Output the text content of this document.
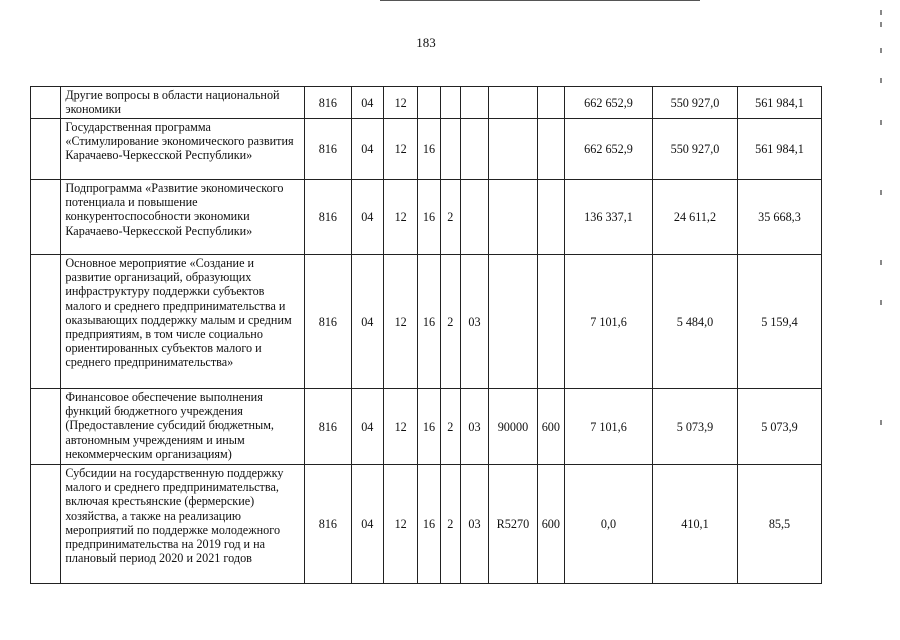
183
	Другие вопросы в области национальной экономики	816	04	12						662 652,9	550 927,0	561 984,1
	Государственная программа «Стимулирование экономического развития Карачаево-Черкесской Республики»	816	04	12	16					662 652,9	550 927,0	561 984,1
	Подпрограмма «Развитие экономического потенциала и повышение конкурентоспособности экономики Карачаево-Черкесской Республики»	816	04	12	16	2				136 337,1	24 611,2	35 668,3
	Основное мероприятие «Создание и развитие организаций, образующих инфраструктуру поддержки субъектов малого и среднего предпринимательства и оказывающих поддержку малым и средним предприятиям, в том числе социально ориентированных субъектов малого и среднего предпринимательства»	816	04	12	16	2	03			7 101,6	5 484,0	5 159,4
	Финансовое обеспечение выполнения функций бюджетного учреждения (Предоставление субсидий бюджетным, автономным учреждениям и иным некоммерческим организациям)	816	04	12	16	2	03	90000	600	7 101,6	5 073,9	5 073,9
	Субсидии на государственную поддержку малого и среднего предпринимательства, включая крестьянские (фермерские) хозяйства, а также на реализацию мероприятий по поддержке молодежного предпринимательства на 2019 год и на плановый период 2020 и 2021 годов	816	04	12	16	2	03	R5270	600	0,0	410,1	85,5
